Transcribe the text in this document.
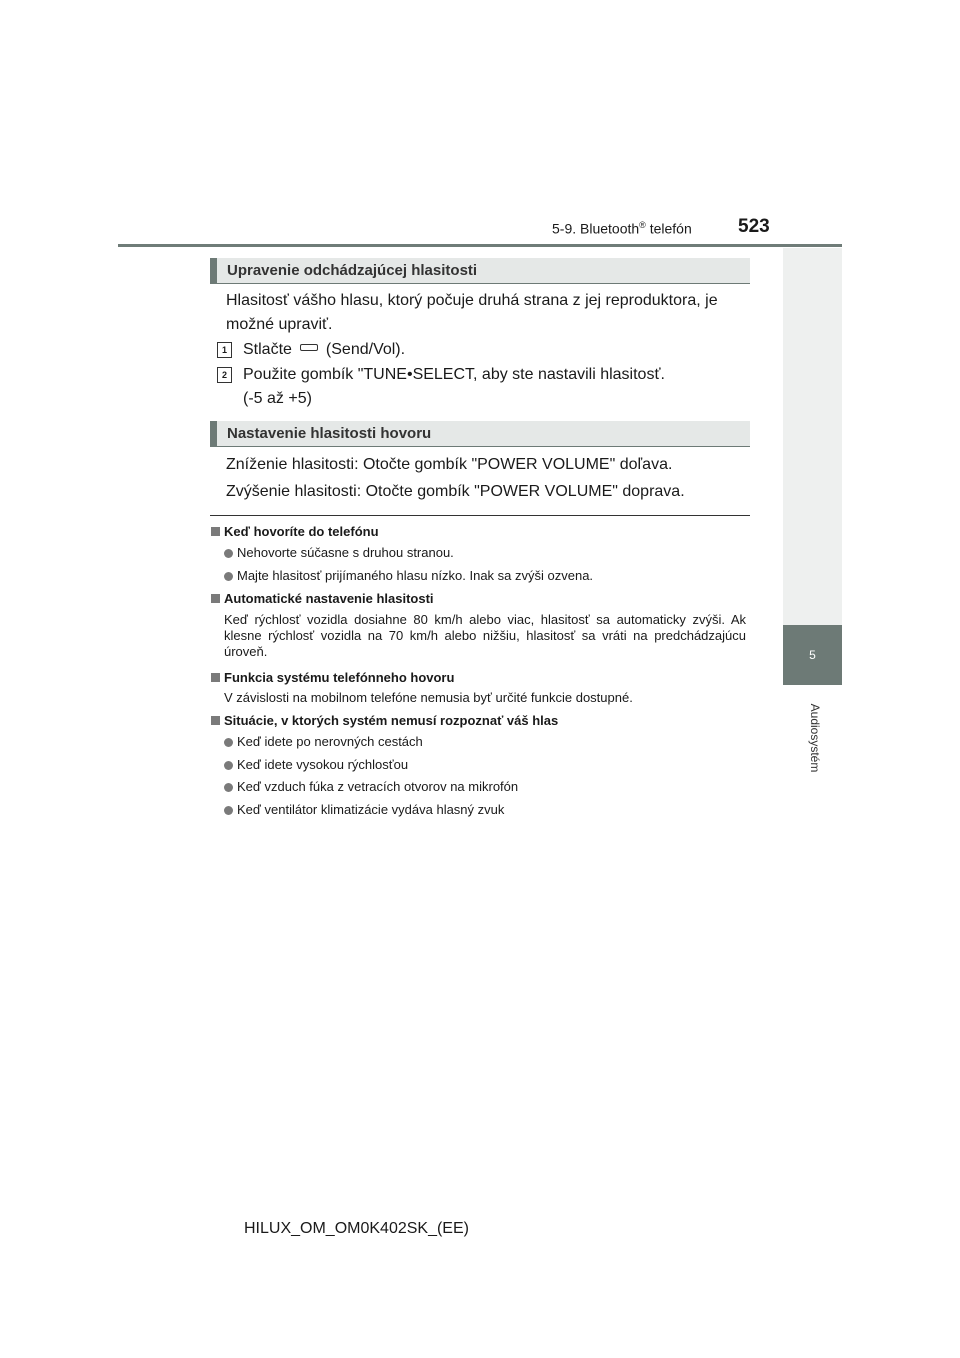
5-9. Bluetooth® telefón 523
5
Audiosystém
Upravenie odchádzajúcej hlasitosti
Hlasitosť vášho hlasu, ktorý počuje druhá strana z jej reproduktora, je
možné upraviť.
1	Stlačte (Send/Vol).
2	Použite gombík "TUNE•SELECT, aby ste nastavili hlasitosť.
(-5 až +5)
Nastavenie hlasitosti hovoru
Zníženie hlasitosti: Otočte gombík "POWER VOLUME" doľava.
Zvýšenie hlasitosti: Otočte gombík "POWER VOLUME" doprava.
Keď hovoríte do telefónu
Nehovorte súčasne s druhou stranou.
Majte hlasitosť prijímaného hlasu nízko. Inak sa zvýši ozvena.
Automatické nastavenie hlasitosti
Keď rýchlosť vozidla dosiahne 80 km/h alebo viac, hlasitosť sa automaticky zvýši. Ak klesne rýchlosť vozidla na 70 km/h alebo nižšiu, hlasitosť sa vráti na predchádzajúcu úroveň.
Funkcia systému telefónneho hovoru
V závislosti na mobilnom telefóne nemusia byť určité funkcie dostupné.
Situácie, v ktorých systém nemusí rozpoznať váš hlas
Keď idete po nerovných cestách
Keď idete vysokou rýchlosťou
Keď vzduch fúka z vetracích otvorov na mikrofón
Keď ventilátor klimatizácie vydáva hlasný zvuk
HILUX_OM_OM0K402SK_(EE)
